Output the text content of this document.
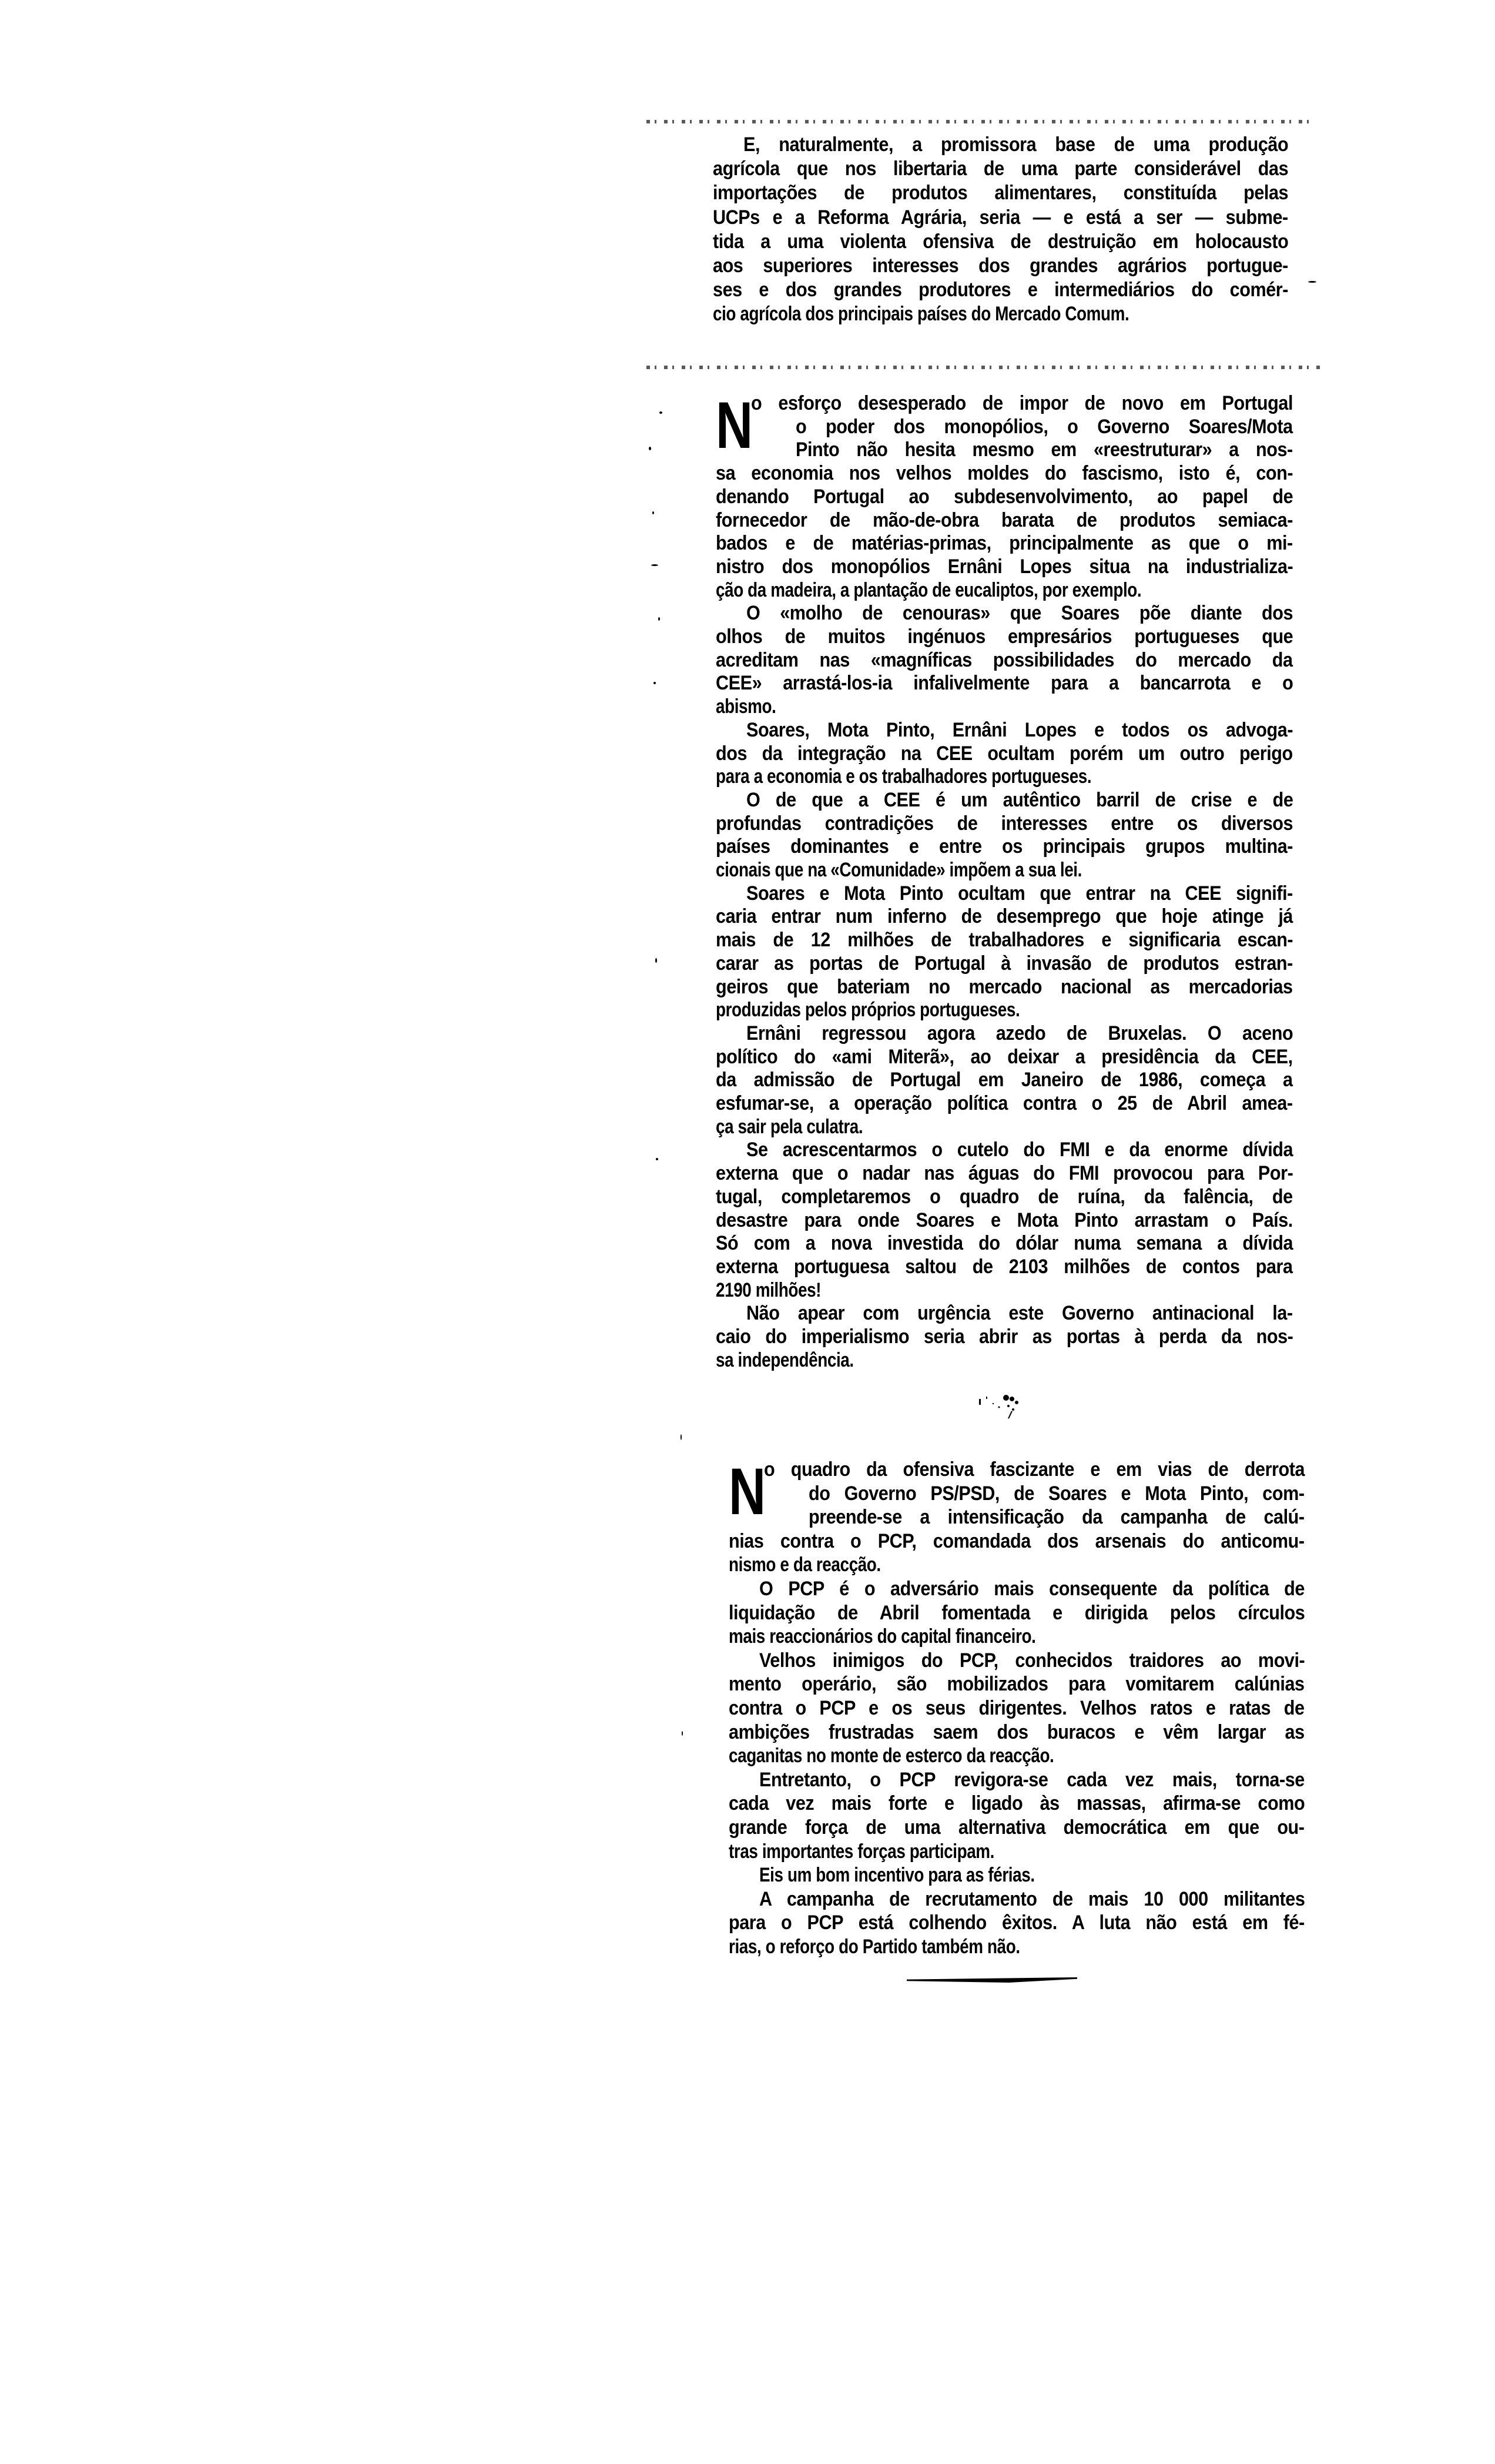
E, naturalmente, a promissora base de uma produção
agrícola que nos libertaria de uma parte considerável das
importações de produtos alimentares, constituída pelas
UCPs e a Reforma Agrária, seria — e está a ser — subme-
tida a uma violenta ofensiva de destruição em holocausto
aos superiores interesses dos grandes agrários portugue-
ses e dos grandes produtores e intermediários do comér-
cio agrícola dos principais países do Mercado Comum.
o esforço desesperado de impor de novo em Portugal
o poder dos monopólios, o Governo Soares/Mota
Pinto não hesita mesmo em «reestruturar» a nos-
sa economia nos velhos moldes do fascismo, isto é, con-
denando Portugal ao subdesenvolvimento, ao papel de
fornecedor de mão-de-obra barata de produtos semiaca-
bados e de matérias-primas, principalmente as que o mi-
nistro dos monopólios Ernâni Lopes situa na industrializa-
ção da madeira, a plantação de eucaliptos, por exemplo.
N
O «molho de cenouras» que Soares põe diante dos
olhos de muitos ingénuos empresários portugueses que
acreditam nas «magníficas possibilidades do mercado da
CEE» arrastá-los-ia infalivelmente para a bancarrota e o
abismo.
Soares, Mota Pinto, Ernâni Lopes e todos os advoga-
dos da integração na CEE ocultam porém um outro perigo
para a economia e os trabalhadores portugueses.
O de que a CEE é um autêntico barril de crise e de
profundas contradições de interesses entre os diversos
países dominantes e entre os principais grupos multina-
cionais que na «Comunidade» impõem a sua lei.
Soares e Mota Pinto ocultam que entrar na CEE signifi-
caria entrar num inferno de desemprego que hoje atinge já
mais de 12 milhões de trabalhadores e significaria escan-
carar as portas de Portugal à invasão de produtos estran-
geiros que bateriam no mercado nacional as mercadorias
produzidas pelos próprios portugueses.
Ernâni regressou agora azedo de Bruxelas. O aceno
político do «ami Miterã», ao deixar a presidência da CEE,
da admissão de Portugal em Janeiro de 1986, começa a
esfumar-se, a operação política contra o 25 de Abril amea-
ça sair pela culatra.
Se acrescentarmos o cutelo do FMI e da enorme dívida
externa que o nadar nas águas do FMI provocou para Por-
tugal, completaremos o quadro de ruína, da falência, de
desastre para onde Soares e Mota Pinto arrastam o País.
Só com a nova investida do dólar numa semana a dívida
externa portuguesa saltou de 2103 milhões de contos para
2190 milhões!
Não apear com urgência este Governo antinacional la-
caio do imperialismo seria abrir as portas à perda da nos-
sa independência.
o quadro da ofensiva fascizante e em vias de derrota
do Governo PS/PSD, de Soares e Mota Pinto, com-
preende-se a intensificação da campanha de calú-
nias contra o PCP, comandada dos arsenais do anticomu-
nismo e da reacção.
N
O PCP é o adversário mais consequente da política de
liquidação de Abril fomentada e dirigida pelos círculos
mais reaccionários do capital financeiro.
Velhos inimigos do PCP, conhecidos traidores ao movi-
mento operário, são mobilizados para vomitarem calúnias
contra o PCP e os seus dirigentes. Velhos ratos e ratas de
ambições frustradas saem dos buracos e vêm largar as
caganitas no monte de esterco da reacção.
Entretanto, o PCP revigora-se cada vez mais, torna-se
cada vez mais forte e ligado às massas, afirma-se como
grande força de uma alternativa democrática em que ou-
tras importantes forças participam.
Eis um bom incentivo para as férias.
A campanha de recrutamento de mais 10 000 militantes
para o PCP está colhendo êxitos. A luta não está em fé-
rias, o reforço do Partido também não.
